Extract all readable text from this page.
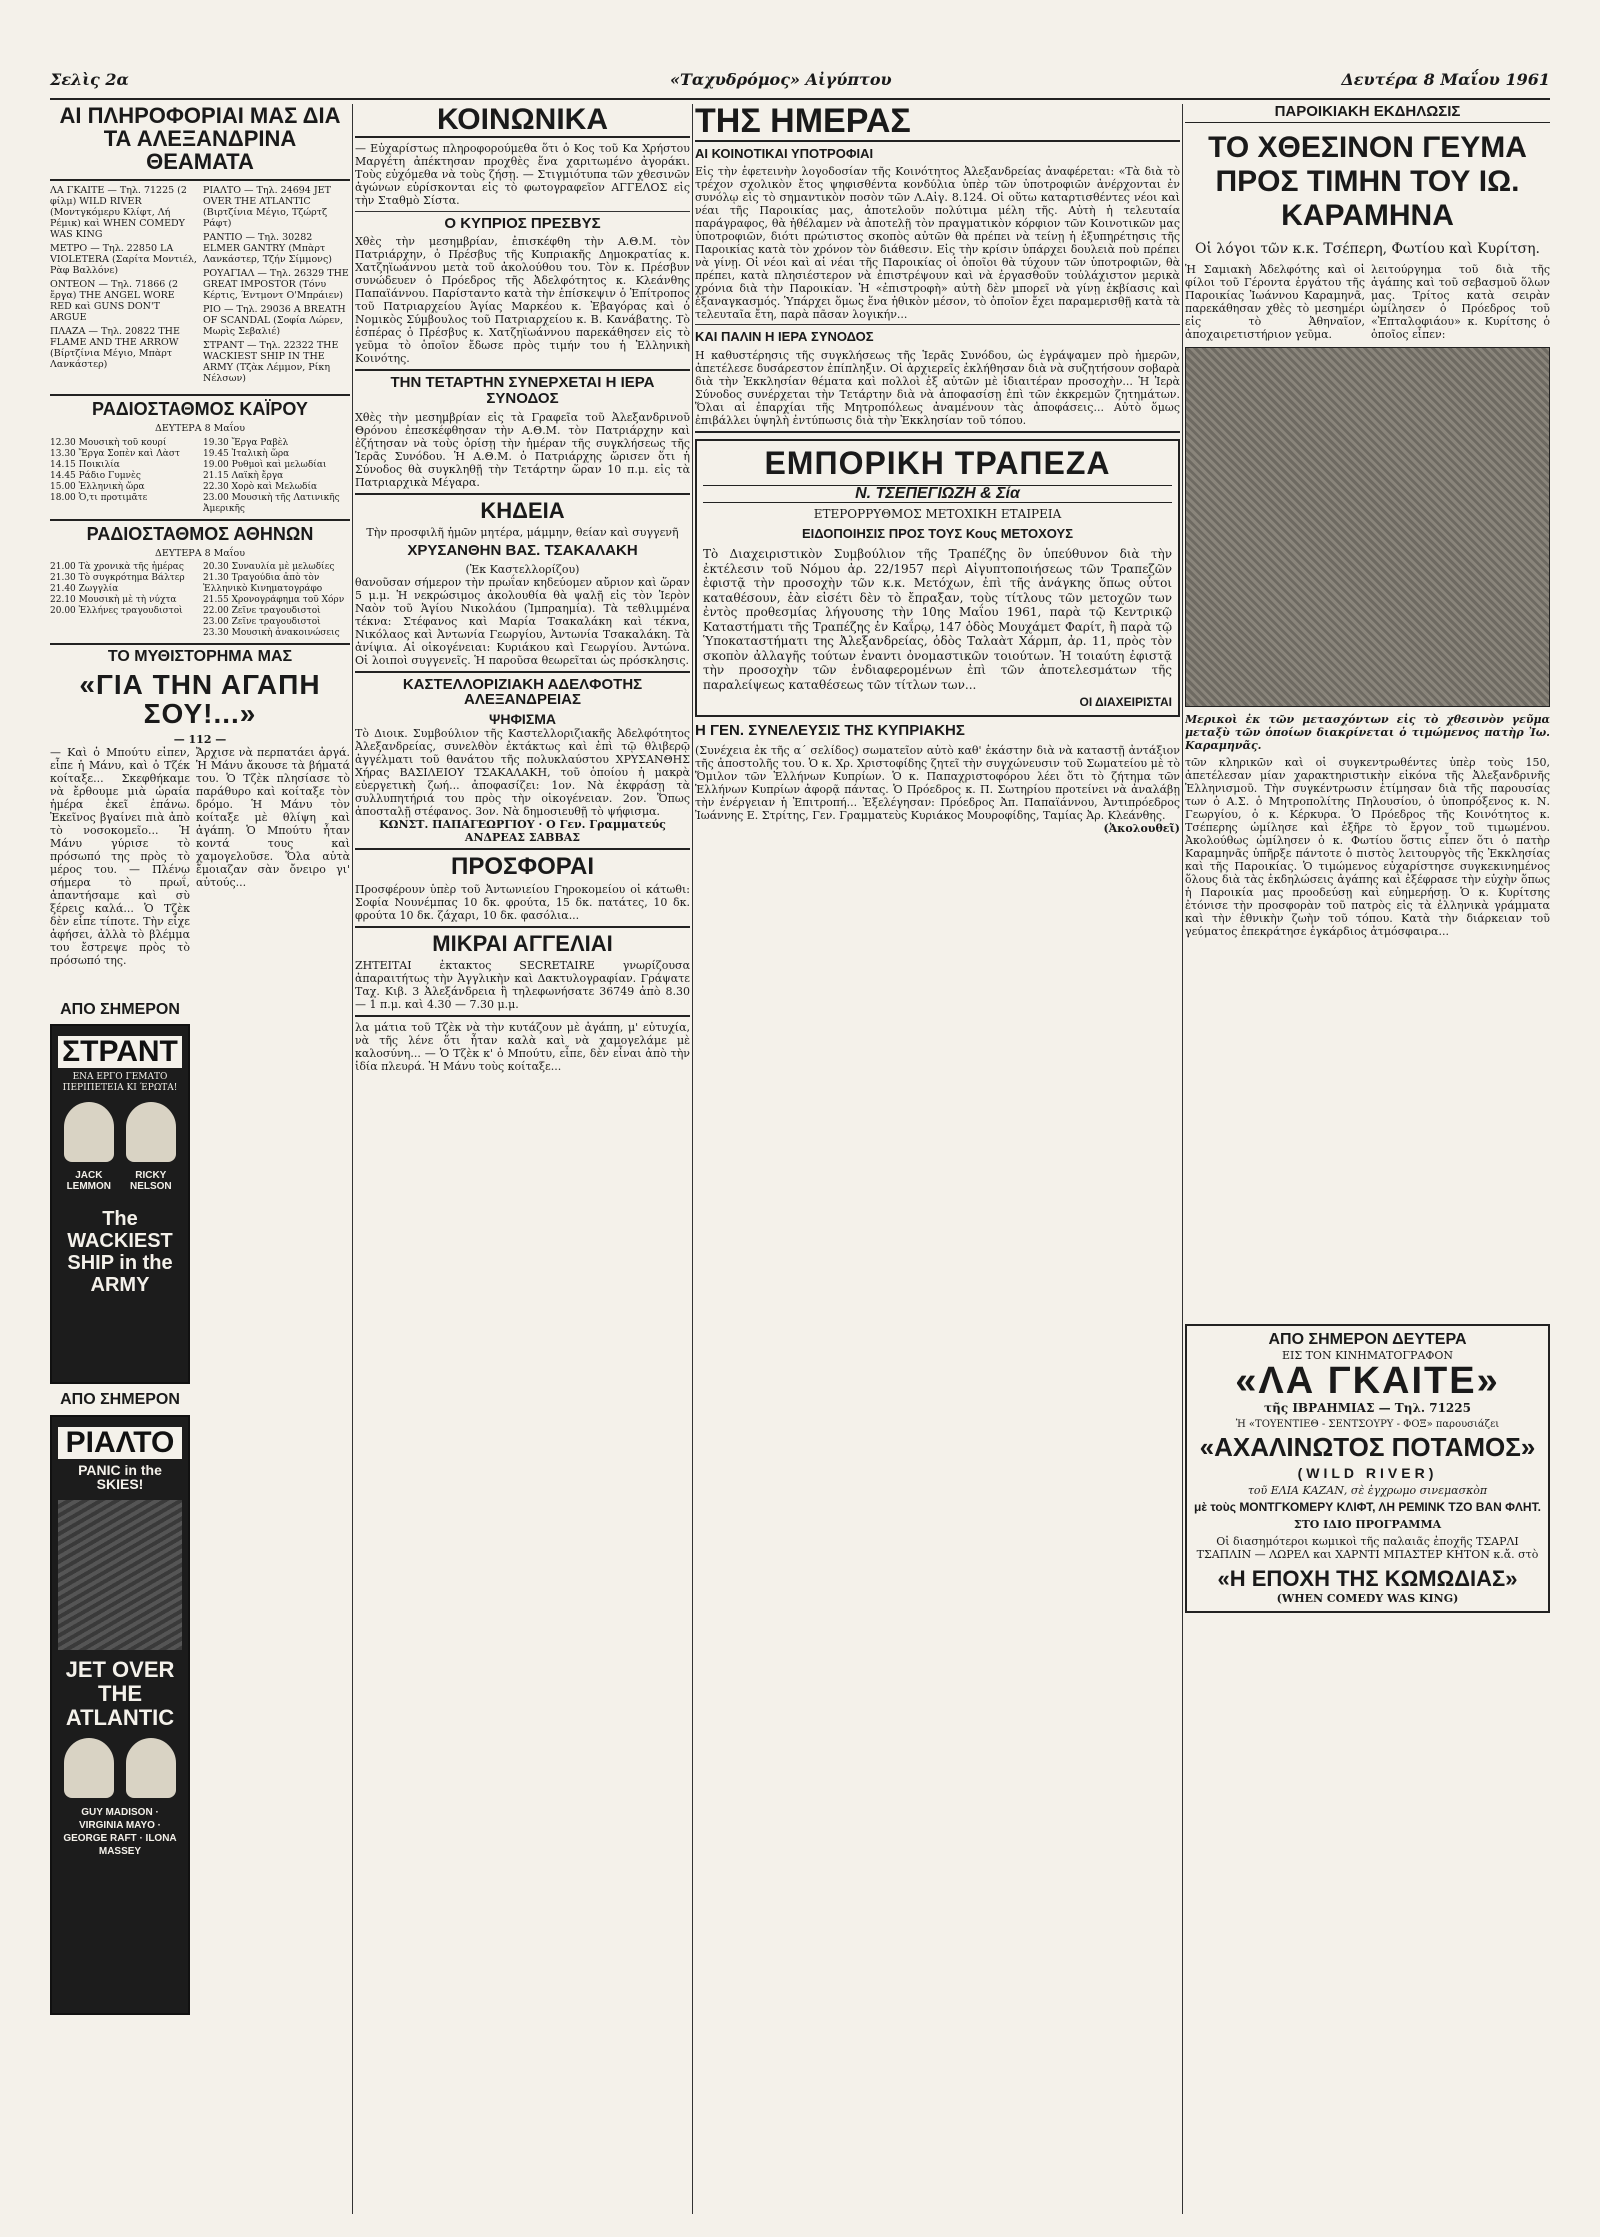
Σελὶς 2α	«Ταχυδρόμος» Αἰγύπτου	Δευτέρα 8 Μαΐου 1961
ΑΙ ΠΛΗΡΟΦΟΡΙΑΙ ΜΑΣ ΔΙΑ ΤΑ ΑΛΕΞΑΝΔΡΙΝΑ ΘΕΑΜΑΤΑ
ΛΑ ΓΚΑΙΤΕ — Τηλ. 71225 (2 φίλμ) WILD RIVER (Μοντγκόμερυ Κλίφτ, Λή Ρέμικ) καὶ WHEN COMEDY WAS KING
ΜΕΤΡΟ — Τηλ. 22850 LA VIOLETERA (Σαρίτα Μοντιέλ, Ρὰφ Βαλλόνε)
ΟΝΤΕΟΝ — Τηλ. 71866 (2 ἔργα) THE ANGEL WORE RED καὶ GUNS DON'T ARGUE
ΠΛΑΖΑ — Τηλ. 20822 THE FLAME AND THE ARROW (Βίρτζίνια Μέγιο, Μπὰρτ Λανκάστερ)
ΡΙΑΛΤΟ — Τηλ. 24694 JET OVER THE ATLANTIC (Βιρτζίνια Μέγιο, Τζώρτζ Ράφτ)
ΡΑΝΤΙΟ — Τηλ. 30282 ELMER GANTRY (Μπὰρτ Λανκάστερ, Τζήν Σίμμονς)
ΡΟΥΑΓΙΑΛ — Τηλ. 26329 THE GREAT IMPOSTOR (Τόνυ Κέρτις, Έντμοντ Ο'Μπράιεν)
ΡΙΟ — Τηλ. 29036 A BREATH OF SCANDAL (Σοφία Λώρεν, Μωρὶς Σεβαλιέ)
ΣΤΡΑΝΤ — Τηλ. 22322 THE WACKIEST SHIP IN THE ARMY (Τζὰκ Λέμμον, Ρίκη Νέλσων)
ΡΑΔΙΟΣΤΑΘΜΟΣ ΚΑΪΡΟΥ
ΔΕΥΤΕΡΑ 8 Μαΐου
12.30 Μουσικὴ τοῦ κουρί
13.30 Ἔργα Σοπὲν καὶ Λὰστ
14.15 Ποικιλία
14.45 Ράδιο Γυμνὲς
15.00 Ἑλληνικὴ ὥρα
18.00 Ὁ,τι προτιμᾶτε
19.30 Ἔργα Ραβὲλ
19.45 Ἰταλικὴ ὥρα
19.00 Ρυθμοὶ καὶ μελωδίαι
21.15 Λαϊκὴ ἔργα
22.30 Χορὸ καὶ Μελωδία
23.00 Μουσικὴ τῆς Λατινικῆς Ἀμερικῆς
ΡΑΔΙΟΣΤΑΘΜΟΣ ΑΘΗΝΩΝ
ΔΕΥΤΕΡΑ 8 Μαΐου
21.00 Τὰ χρονικὰ τῆς ἡμέρας
21.30 Τὸ συγκρότημα Βάλτερ
21.40 Ζωγγλία
22.10 Μουσικὴ μὲ τὴ νύχτα
20.00 Ἑλλήνες τραγουδιστοὶ
20.30 Συναυλία μὲ μελωδίες
21.30 Τραγούδια ἀπὸ τὸν Ἑλληνικὸ Κινηματογράφο
21.55 Χρονογράφημα τοῦ Χόρν
22.00 Ζεῖνε τραγουδιστοὶ
23.00 Ζεῖνε τραγουδιστοὶ
23.30 Μουσικὴ ἀνακοινώσεις
ΤΟ ΜΥΘΙΣΤΟΡΗΜΑ ΜΑΣ
«ΓΙΑ ΤΗΝ ΑΓΑΠΗ ΣΟΥ!...»
— 112 —
— Καὶ ὁ Μπούτυ εἶπεν, εἶπε ἡ Μάνυ, καὶ ὁ Τζέκ κοίταξε... Σκεφθήκαμε νὰ ἔρθουμε μιὰ ὡραία ἡμέρα ἐκεῖ ἐπάνω. Ἐκεῖνος βγαίνει πιὰ ἀπὸ τὸ νοσοκομεῖο... Ἡ Μάνυ γύρισε τὸ πρόσωπό της πρὸς τὸ μέρος του. — Πλένω σήμερα τὸ πρωΐ, ἀπαντήσαμε καὶ σὺ ξέρεις καλά... Ὁ Τζὲκ δὲν εἶπε τίποτε. Τὴν εἶχε ἀφήσει, ἀλλὰ τὸ βλέμμα του ἔστρεψε πρὸς τὸ πρόσωπό της.
ΑΠΟ ΣΗΜΕΡΟΝ
ΣΤΡΑΝΤ
ΕΝΑ ΕΡΓΟ ΓΕΜΑΤΟ ΠΕΡΙΠΕΤΕΙΑ ΚΙ ΈΡΩΤΑ!
JACK LEMMON
RICKY NELSON
The WACKIEST SHIP in the ARMY
ΑΠΟ ΣΗΜΕΡΟΝ
ΡΙΑΛΤΟ
PANIC in the SKIES!
JET OVER THE ATLANTIC
GUY MADISON · VIRGINIA MAYO · GEORGE RAFT · ILONA MASSEY
Ἄρχισε νὰ περπατάει ἀργά. Ἡ Μάνυ ἄκουσε τὰ βήματά του. Ὁ Τζὲκ πλησίασε τὸ παράθυρο καὶ κοίταξε τὸν δρόμο. Ἡ Μάνυ τὸν κοίταξε μὲ θλίψη καὶ ἀγάπη. Ὁ Μπούτυ ἦταν κοντά τους καὶ χαμογελοῦσε. Ὅλα αὐτὰ ἔμοιαζαν σὰν ὄνειρο γι' αὐτούς...
ΚΟΙΝΩΝΙΚΑ
— Εὐχαρίστως πληροφορούμεθα ὅτι ὁ Κος τοῦ Κα Χρήστου Μαργέτη ἀπέκτησαν προχθὲς ἕνα χαριτωμένο ἀγοράκι. Τοὺς εὐχόμεθα νὰ τοὺς ζήσῃ. — Στιγμιότυπα τῶν χθεσινῶν ἀγώνων εὑρίσκονται εἰς τὸ φωτογραφεῖον ΑΓΓΕΛΟΣ εἰς τὴν Σταθμὸ Σίστα.
Ο ΚΥΠΡΙΟΣ ΠΡΕΣΒΥΣ
Χθὲς τὴν μεσημβρίαν, ἐπισκέφθη τὴν Α.Θ.Μ. τὸν Πατριάρχην, ὁ Πρέσβυς τῆς Κυπριακῆς Δημοκρατίας κ. Χατζηϊωάννου μετὰ τοῦ ἀκολούθου του. Τὸν κ. Πρέσβυν συνώδευεν ὁ Πρόεδρος τῆς Ἀδελφότητος κ. Κλεάνθης Παπαϊάννου. Παρίσταντο κατὰ τὴν ἐπίσκεψιν ὁ Ἐπίτροπος τοῦ Πατριαρχείου Ἁγίας Μαρκέου κ. Ἐβαγόρας καὶ ὁ Νομικὸς Σύμβουλος τοῦ Πατριαρχείου κ. Β. Κανάβατης. Τὸ ἑσπέρας ὁ Πρέσβυς κ. Χατζηϊωάννου παρεκάθησεν εἰς τὸ γεῦμα τὸ ὁποῖον ἔδωσε πρὸς τιμήν του ἡ Ἑλληνικὴ Κοινότης.
ΤΗΝ ΤΕΤΑΡΤΗΝ ΣΥΝΕΡΧΕΤΑΙ Η ΙΕΡΑ ΣΥΝΟΔΟΣ
Χθὲς τὴν μεσημβρίαν εἰς τὰ Γραφεῖα τοῦ Ἀλεξανδρινοῦ Θρόνου ἐπεσκέφθησαν τὴν Α.Θ.Μ. τὸν Πατριάρχην καὶ ἐζήτησαν νὰ τοὺς ὁρίσῃ τὴν ἡμέραν τῆς συγκλήσεως τῆς Ἱερᾶς Συνόδου. Ἡ Α.Θ.Μ. ὁ Πατριάρχης ὥρισεν ὅτι ἡ Σύνοδος θὰ συγκληθῇ τὴν Τετάρτην ὥραν 10 π.μ. εἰς τὰ Πατριαρχικὰ Μέγαρα.
ΚΗΔΕΙΑ
Τὴν προσφιλῆ ἡμῶν μητέρα, μάμμην, θείαν καὶ συγγενῆ
ΧΡΥΣΑΝΘΗΝ ΒΑΣ. ΤΣΑΚΑΛΑΚΗ
(Ἐκ Καστελλορίζου)
θανοῦσαν σήμερον τὴν πρωΐαν κηδεύομεν αὔριον καὶ ὥραν 5 μ.μ. Ἡ νεκρώσιμος ἀκολουθία θὰ ψαλῇ εἰς τὸν Ἱερὸν Ναὸν τοῦ Ἁγίου Νικολάου (Ἰμπραημία). Τὰ τεθλιμμένα τέκνα: Στέφανος καὶ Μαρία Τσακαλάκη καὶ τέκνα, Νικόλαος καὶ Ἀντωνία Γεωργίου, Ἀντωνία Τσακαλάκη. Τὰ ἀνίψια. Αἱ οἰκογένειαι: Κυριάκου καὶ Γεωργίου. Ἀντώνα. Οἱ λοιποὶ συγγενεῖς. Ἡ παροῦσα θεωρεῖται ὡς πρόσκλησις.
ΚΑΣΤΕΛΛΟΡΙΖΙΑΚΗ ΑΔΕΛΦΟΤΗΣ ΑΛΕΞΑΝΔΡΕΙΑΣ
ΨΗΦΙΣΜΑ
Τὸ Διοικ. Συμβούλιον τῆς Καστελλοριζιακῆς Ἀδελφότητος Ἀλεξανδρείας, συνελθὸν ἐκτάκτως καὶ ἐπὶ τῷ θλιβερῷ ἀγγέλματι τοῦ θανάτου τῆς πολυκλαύστου ΧΡΥΣΑΝΘΗΣ Χήρας ΒΑΣΙΛΕΙΟΥ ΤΣΑΚΑΛΑΚΗ, τοῦ ὁποίου ἡ μακρὰ εὐεργετικὴ ζωή... ἀποφασίζει: 1ον. Νὰ ἐκφράσῃ τὰ συλλυπητήριά του πρὸς τὴν οἰκογένειαν. 2ον. Ὅπως ἀποσταλῇ στέφανος. 3ον. Νὰ δημοσιευθῇ τὸ ψήφισμα.
ΚΩΝΣΤ. ΠΑΠΑΓΕΩΡΓΙΟΥ · Ο Γεν. Γραμματεύς ΑΝΔΡΕΑΣ ΣΑΒΒΑΣ
ΠΡΟΣΦΟΡΑΙ
Προσφέρουν ὑπὲρ τοῦ Ἀντωνιείου Γηροκομείου οἱ κάτωθι: Σοφία Νουνέμπας 10 δκ. φρούτα, 15 δκ. πατάτες, 10 δκ. φρούτα 10 δκ. ζάχαρι, 10 δκ. φασόλια...
ΜΙΚΡΑΙ ΑΓΓΕΛΙΑΙ
ΖΗΤΕΙΤΑΙ ἐκτακτος SECRETAIRE γνωρίζουσα ἀπαραιτήτως τὴν Ἀγγλικὴν καὶ Δακτυλογραφίαν. Γράψατε Ταχ. Κιβ. 3 Ἀλεξάνδρεια ἢ τηλεφωνήσατε 36749 ἀπὸ 8.30 — 1 π.μ. καὶ 4.30 — 7.30 μ.μ.
λα μάτια τοῦ Τζὲκ νὰ τὴν κυτάζουν μὲ ἀγάπη, μ' εὐτυχία, νὰ τῆς λένε ὅτι ἦταν καλὰ καὶ νὰ χαμογελάμε μὲ καλοσύνη... — Ὁ Τζὲκ κ' ὁ Μπούτυ, εἶπε, δὲν εἶναι ἀπὸ τὴν ἰδία πλευρά. Ἡ Μάνυ τοὺς κοίταξε...
ΤΗΣ ΗΜΕΡΑΣ
ΑΙ ΚΟΙΝΟΤΙΚΑΙ ΥΠΟΤΡΟΦΙΑΙ
Εἰς τὴν ἐφετεινὴν λογοδοσίαν τῆς Κοινότητος Ἀλεξανδρείας ἀναφέρεται: «Τὰ διὰ τὸ τρέχον σχολικὸν ἔτος ψηφισθέντα κονδύλια ὑπὲρ τῶν ὑποτροφιῶν ἀνέρχονται ἐν συνόλῳ εἰς τὸ σημαντικὸν ποσὸν τῶν Λ.Αἰγ. 8.124. Οἱ οὕτω καταρτισθέντες νέοι καὶ νέαι τῆς Παροικίας μας, ἀποτελοῦν πολύτιμα μέλη τῆς. Αὐτὴ ἡ τελευταία παράγραφος, θὰ ἠθέλαμεν νὰ ἀποτελῇ τὸν πραγματικὸν κόρφιον τῶν Κοινοτικῶν μας ὑποτροφιῶν, διότι πρώτιστος σκοπὸς αὐτῶν θὰ πρέπει νὰ τείνῃ ἡ ἐξυπηρέτησις τῆς Παροικίας κατὰ τὸν χρόνον τὸν διάθεσιν. Εἰς τὴν κρίσιν ὑπάρχει δουλειὰ ποὺ πρέπει νὰ γίνῃ. Οἱ νέοι καὶ αἱ νέαι τῆς Παροικίας οἱ ὁποῖοι θὰ τύχουν τῶν ὑποτροφιῶν, θὰ πρέπει, κατὰ πλησιέστερον νὰ ἐπιστρέψουν καὶ νὰ ἐργασθοῦν τοὐλάχιστον μερικὰ χρόνια διὰ τὴν Παροικίαν. Ἡ «ἐπιστροφὴ» αὐτὴ δὲν μπορεῖ νὰ γίνῃ ἐκβίασις καὶ ἐξαναγκασμός. Ὑπάρχει ὅμως ἕνα ἠθικὸν μέσον, τὸ ὁποῖον ἔχει παραμερισθῇ κατὰ τὰ τελευταῖα ἔτη, παρὰ πᾶσαν λογικήν...
ΚΑΙ ΠΑΛΙΝ Η ΙΕΡΑ ΣΥΝΟΔΟΣ
Η καθυστέρησις τῆς συγκλήσεως τῆς Ἱερᾶς Συνόδου, ὡς ἐγράψαμεν πρὸ ἡμερῶν, ἀπετέλεσε δυσάρεστον ἐπίπληξιν. Οἱ ἀρχιερεῖς ἐκλήθησαν διὰ νὰ συζητήσουν σοβαρὰ διὰ τὴν Ἐκκλησίαν θέματα καὶ πολλοὶ ἐξ αὐτῶν μὲ ἰδιαιτέραν προσοχὴν... Ἡ Ἱερὰ Σύνοδος συνέρχεται τὴν Τετάρτην διὰ νὰ ἀποφασίσῃ ἐπὶ τῶν ἐκκρεμῶν ζητημάτων. Ὅλαι αἱ ἐπαρχίαι τῆς Μητροπόλεως ἀναμένουν τὰς ἀποφάσεις... Αὐτὸ ὅμως ἐπιβάλλει ὑψηλὴ ἐντύπωσις διὰ τὴν Ἐκκλησίαν τοῦ τόπου.
ΕΜΠΟΡΙΚΗ ΤΡΑΠΕΖΑ
Ν. ΤΣΕΠΕΓΙΩΖΗ & Σία
ΕΤΕΡΟΡΡΥΘΜΟΣ ΜΕΤΟΧΙΚΗ ΕΤΑΙΡΕΙΑ
ΕΙΔΟΠΟΙΗΣΙΣ ΠΡΟΣ ΤΟΥΣ Κους ΜΕΤΟΧΟΥΣ
Τὸ Διαχειριστικὸν Συμβούλιον τῆς Τραπέζης ὃν ὑπεύθυνον διὰ τὴν ἐκτέλεσιν τοῦ Νόμου ἀρ. 22/1957 περὶ Αἰγυπτοποιήσεως τῶν Τραπεζῶν ἐφιστᾷ τὴν προσοχὴν τῶν κ.κ. Μετόχων, ἐπὶ τῆς ἀνάγκης ὅπως οὗτοι καταθέσουν, ἐὰν εἰσέτι δὲν τὸ ἔπραξαν, τοὺς τίτλους τῶν μετοχῶν των ἐντὸς προθεσμίας λήγουσης τὴν 10ης Μαΐου 1961, παρὰ τῷ Κεντρικῷ Καταστήματι τῆς Τραπέζης ἐν Καΐρῳ, 147 ὁδὸς Μουχάμετ Φαρίτ, ἢ παρὰ τῷ Ὑποκαταστήματι της Ἀλεξανδρείας, ὁδὸς Ταλαὰτ Χάρμπ, ἀρ. 11, πρὸς τὸν σκοπὸν ἀλλαγῆς τούτων ἐναντι ὀνομαστικῶν τοιούτων. Ἡ τοιαύτη ἐφιστᾷ τὴν προσοχὴν τῶν ἐνδιαφερομένων ἐπὶ τῶν ἀποτελεσμάτων τῆς παραλείψεως καταθέσεως τῶν τίτλων των...
ΟΙ ΔΙΑΧΕΙΡΙΣΤΑΙ
Η ΓΕΝ. ΣΥΝΕΛΕΥΣΙΣ ΤΗΣ ΚΥΠΡΙΑΚΗΣ
(Συνέχεια ἐκ τῆς α΄ σελίδος) σωματεῖον αὐτὸ καθ' ἑκάστην διὰ νὰ καταστῇ ἀντάξιον τῆς ἀποστολῆς του. Ὁ κ. Χρ. Χριστοφίδης ζητεῖ τὴν συγχώνευσιν τοῦ Σωματείου μὲ τὸ Ὅμιλον τῶν Ἑλλήνων Κυπρίων. Ὁ κ. Παπαχριστοφόρου λέει ὅτι τὸ ζήτημα τῶν Ἑλλήνων Κυπρίων ἀφορᾷ πάντας. Ὁ Πρόεδρος κ. Π. Σωτηρίου προτείνει νὰ ἀναλάβῃ τὴν ἐνέργειαν ἡ Ἐπιτροπή... Ἐξελέγησαν: Πρόεδρος Ἀπ. Παπαϊάννου, Ἀντιπρόεδρος Ἰωάννης Ε. Στρίτης, Γεν. Γραμματεὺς Κυριάκος Μουροφίδης, Ταμίας Ἀρ. Κλεάνθης.
(Ἀκολουθεῖ)
ΠΑΡΟΙΚΙΑΚΗ ΕΚΔΗΛΩΣΙΣ
ΤΟ ΧΘΕΣΙΝΟΝ ΓΕΥΜΑ ΠΡΟΣ ΤΙΜΗΝ ΤΟΥ ΙΩ. ΚΑΡΑΜΗΝΑ
Οἱ λόγοι τῶν κ.κ. Τσέπερη, Φωτίου καὶ Κυρίτση.
Ἡ Σαμιακὴ Ἀδελφότης καὶ οἱ φίλοι τοῦ Γέροντα ἐργάτου τῆς Παροικίας Ἰωάννου Καραμηνᾶ, παρεκάθησαν χθὲς τὸ μεσημέρι εἰς τὸ Ἀθηναῖον, ἀποχαιρετιστήριον γεῦμα.
λειτούργημα τοῦ διὰ τῆς ἀγάπης καὶ τοῦ σεβασμοῦ ὅλων μας. Τρίτος κατὰ σειρὰν ὡμίλησεν ὁ Πρόεδρος τοῦ «Ἑπταλοφιάου» κ. Κυρίτσης ὁ ὁποῖος εἶπεν:
Μερικοὶ ἐκ τῶν μετασχόντων εἰς τὸ χθεσινὸν γεῦμα μεταξὺ τῶν ὁποίων διακρίνεται ὁ τιμώμενος πατὴρ Ἰω. Καραμηνᾶς.
τῶν κληρικῶν καὶ οἱ συγκεντρωθέντες ὑπὲρ τοὺς 150, ἀπετέλεσαν μίαν χαρακτηριστικὴν εἰκόνα τῆς Ἀλεξανδρινῆς Ἑλληνισμοῦ. Τὴν συγκέντρωσιν ἐτίμησαν διὰ τῆς παρουσίας των ὁ Α.Σ. ὁ Μητροπολίτης Πηλουσίου, ὁ ὑποπρόξενος κ. Ν. Γεωργίου, ὁ κ. Κέρκυρα. Ὁ Πρόεδρος τῆς Κοινότητος κ. Τσέπερης ὡμίλησε καὶ ἐξῆρε τὸ ἔργον τοῦ τιμωμένου. Ἀκολούθως ὡμίλησεν ὁ κ. Φωτίου ὅστις εἶπεν ὅτι ὁ πατὴρ Καραμηνᾶς ὑπῆρξε πάντοτε ὁ πιστὸς λειτουργὸς τῆς Ἐκκλησίας καὶ τῆς Παροικίας. Ὁ τιμώμενος εὐχαρίστησε συγκεκινημένος ὅλους διὰ τὰς ἐκδηλώσεις ἀγάπης καὶ ἐξέφρασε τὴν εὐχὴν ὅπως ἡ Παροικία μας προοδεύσῃ καὶ εὐημερήσῃ. Ὁ κ. Κυρίτσης ἐτόνισε τὴν προσφορὰν τοῦ πατρὸς εἰς τὰ ἑλληνικὰ γράμματα καὶ τὴν ἐθνικὴν ζωὴν τοῦ τόπου. Κατὰ τὴν διάρκειαν τοῦ γεύματος ἐπεκράτησε ἐγκάρδιος ἀτμόσφαιρα...
ΑΠΟ ΣΗΜΕΡΟΝ ΔΕΥΤΕΡΑ
ΕΙΣ ΤΟΝ ΚΙΝΗΜΑΤΟΓΡΑΦΟΝ
«ΛΑ ΓΚΑΙΤΕ»
τῆς ΙΒΡΑΗΜΙΑΣ — Τηλ. 71225
Ἡ «ΤΟΥΕΝΤΙΕΘ - ΣΕΝΤΣΟΥΡΥ - ΦΟΞ» παρουσιάζει
«ΑΧΑΛΙΝΩΤΟΣ ΠΟΤΑΜΟΣ»
(WILD RIVER)
τοῦ ΕΛΙΑ ΚΑΖΑΝ, σὲ ἐγχρωμο σινεμασκὸπ
μὲ τοὺς ΜΟΝΤΓΚΟΜΕΡΥ ΚΛΙΦΤ, ΛΗ ΡΕΜΙΝΚ ΤΖΟ ΒΑΝ ΦΛΗΤ.
ΣΤΟ ΙΔΙΟ ΠΡΟΓΡΑΜΜΑ
Οἱ διασημότεροι κωμικοὶ τῆς παλαιᾶς ἐποχῆς ΤΣΑΡΛΙ ΤΣΑΠΛΙΝ — ΛΩΡΕΛ και ΧΑΡΝΤΙ ΜΠΑΣΤΕΡ ΚΗΤΟΝ κ.ἄ. στὸ
«Η ΕΠΟΧΗ ΤΗΣ ΚΩΜΩΔΙΑΣ»
(WHEN COMEDY WAS KING)
